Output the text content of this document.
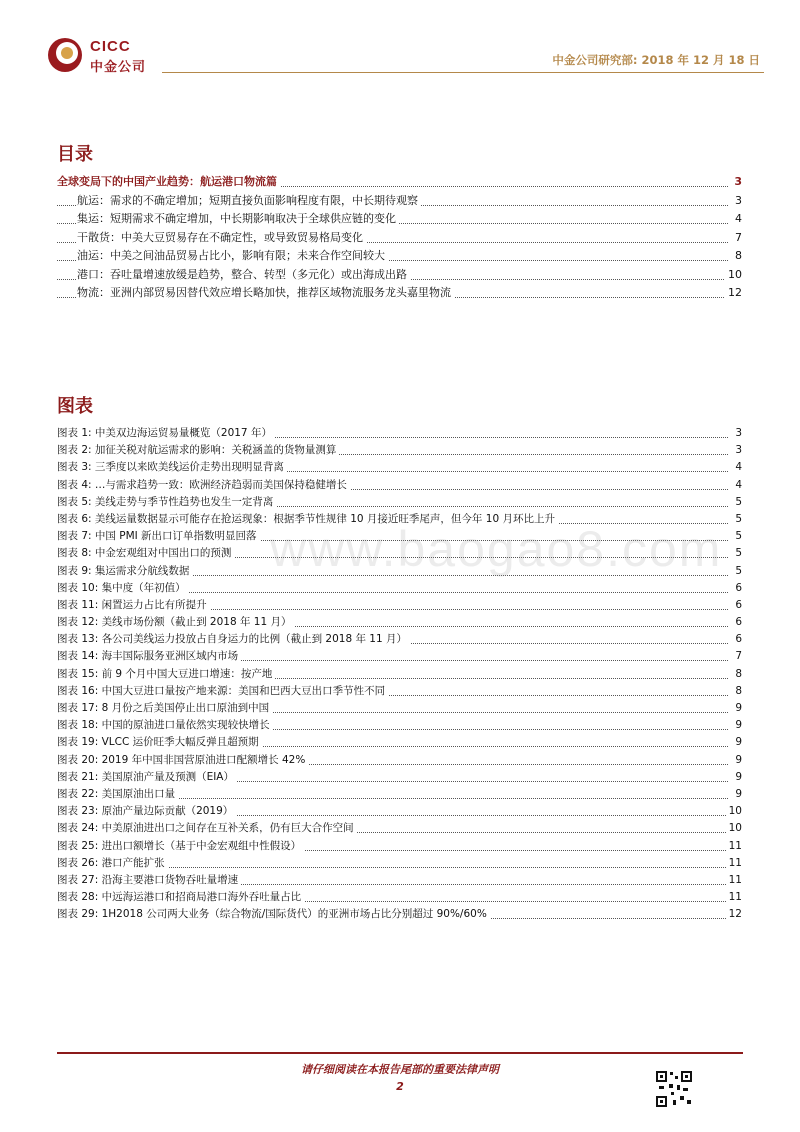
CICC
中金公司	中金公司研究部: 2018 年 12 月 18 日
目录
全球变局下的中国产业趋势：航运港口物流篇	3
航运：需求的不确定增加；短期直接负面影响程度有限，中长期待观察	3
集运：短期需求不确定增加，中长期影响取决于全球供应链的变化	4
干散货：中美大豆贸易存在不确定性，或导致贸易格局变化	7
油运：中美之间油品贸易占比小，影响有限；未来合作空间较大	8
港口：吞吐量增速放缓是趋势，整合、转型（多元化）或出海成出路	10
物流：亚洲内部贸易因替代效应增长略加快，推荐区域物流服务龙头嘉里物流	12
图表
图表 1: 中美双边海运贸易量概览（2017 年）	3
图表 2: 加征关税对航运需求的影响：关税涵盖的货物量测算	3
图表 3: 三季度以来欧美线运价走势出现明显背离	4
图表 4: …与需求趋势一致：欧洲经济趋弱而美国保持稳健增长	4
图表 5: 美线走势与季节性趋势也发生一定背离	5
图表 6: 美线运量数据显示可能存在抢运现象：根据季节性规律 10 月接近旺季尾声，但今年 10 月环比上升	5
图表 7: 中国 PMI 新出口订单指数明显回落	5
图表 8: 中金宏观组对中国出口的预测	5
图表 9: 集运需求分航线数据	5
图表 10: 集中度（年初值）	6
图表 11: 闲置运力占比有所提升	6
图表 12: 美线市场份额（截止到 2018 年 11 月）	6
图表 13: 各公司美线运力投放占自身运力的比例（截止到 2018 年 11 月）	6
图表 14: 海丰国际服务亚洲区域内市场	7
图表 15: 前 9 个月中国大豆进口增速：按产地	8
图表 16: 中国大豆进口量按产地来源：美国和巴西大豆出口季节性不同	8
图表 17: 8 月份之后美国停止出口原油到中国	9
图表 18: 中国的原油进口量依然实现较快增长	9
图表 19: VLCC 运价旺季大幅反弹且超预期	9
图表 20: 2019 年中国非国营原油进口配额增长 42%	9
图表 21: 美国原油产量及预测（EIA）	9
图表 22: 美国原油出口量	9
图表 23: 原油产量边际贡献（2019）	10
图表 24: 中美原油进出口之间存在互补关系，仍有巨大合作空间	10
图表 25: 进出口额增长（基于中金宏观组中性假设）	11
图表 26: 港口产能扩张	11
图表 27: 沿海主要港口货物吞吐量增速	11
图表 28: 中远海运港口和招商局港口海外吞吐量占比	11
图表 29: 1H2018 公司两大业务（综合物流/国际货代）的亚洲市场占比分别超过 90%/60%	12
www.baogao8.com
请仔细阅读在本报告尾部的重要法律声明
2
